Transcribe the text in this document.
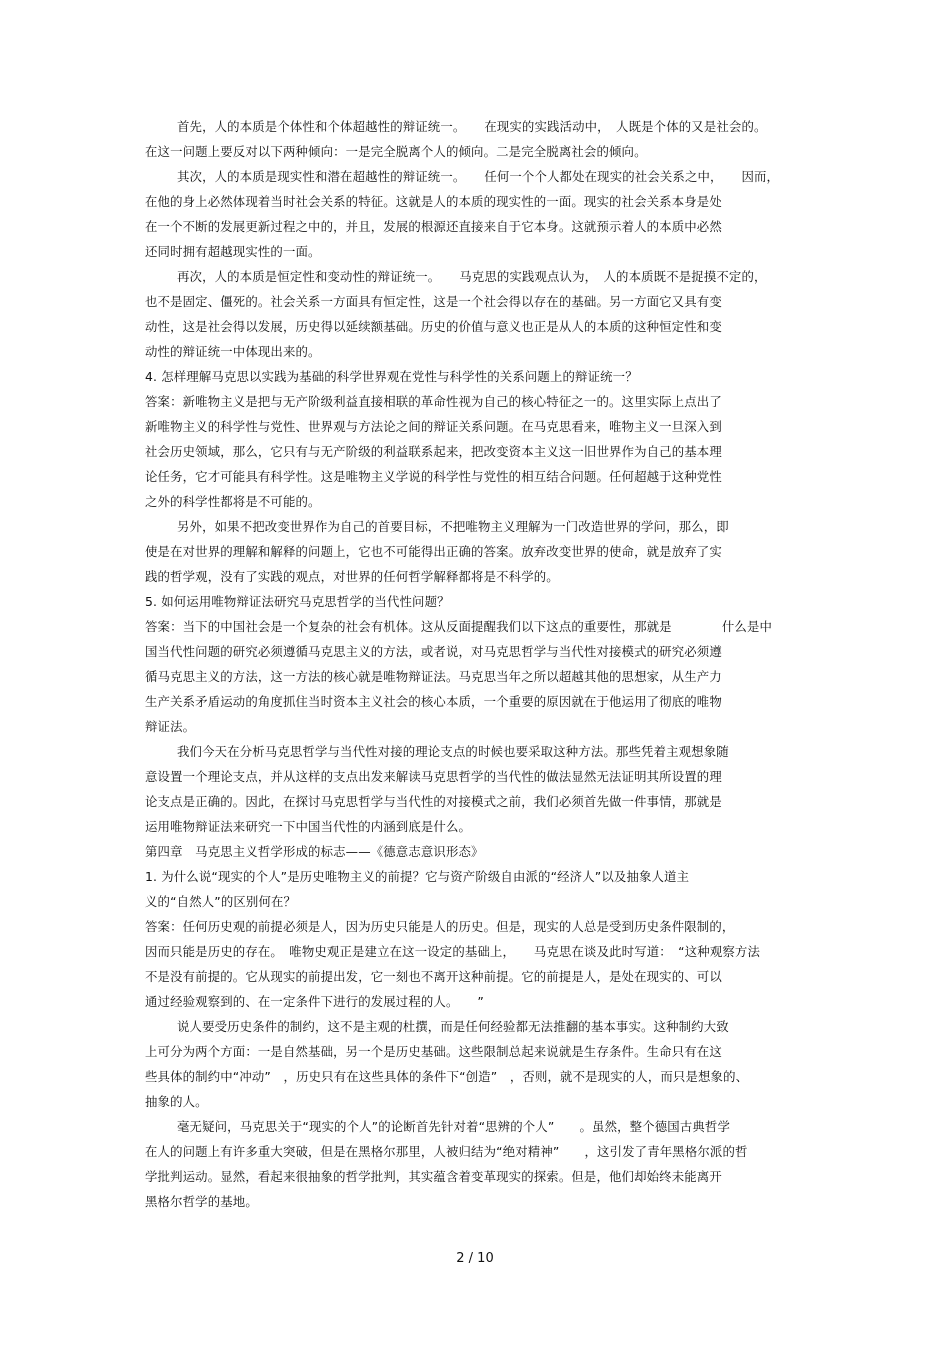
首先，人的本质是个体性和个体超越性的辩证统一。　　在现实的实践活动中，　人既是个体的又是社会的。
在这一问题上要反对以下两种倾向：一是完全脱离个人的倾向。二是完全脱离社会的倾向。
其次，人的本质是现实性和潜在超越性的辩证统一。　　任何一个个人都处在现实的社会关系之中，　　因而，
在他的身上必然体现着当时社会关系的特征。这就是人的本质的现实性的一面。现实的社会关系本身是处
在一个不断的发展更新过程之中的，并且，发展的根源还直接来自于它本身。这就预示着人的本质中必然
还同时拥有超越现实性的一面。
再次，人的本质是恒定性和变动性的辩证统一。　　马克思的实践观点认为，　人的本质既不是捉摸不定的，
也不是固定、僵死的。社会关系一方面具有恒定性，这是一个社会得以存在的基础。另一方面它又具有变
动性，这是社会得以发展，历史得以延续额基础。历史的价值与意义也正是从人的本质的这种恒定性和变
动性的辩证统一中体现出来的。
4. 怎样理解马克思以实践为基础的科学世界观在党性与科学性的关系问题上的辩证统一？
答案：新唯物主义是把与无产阶级利益直接相联的革命性视为自己的核心特征之一的。这里实际上点出了
新唯物主义的科学性与党性、世界观与方法论之间的辩证关系问题。在马克思看来，唯物主义一旦深入到
社会历史领域，那么，它只有与无产阶级的利益联系起来，把改变资本主义这一旧世界作为自己的基本理
论任务，它才可能具有科学性。这是唯物主义学说的科学性与党性的相互结合问题。任何超越于这种党性
之外的科学性都将是不可能的。
另外，如果不把改变世界作为自己的首要目标，不把唯物主义理解为一门改造世界的学问，那么，即
使是在对世界的理解和解释的问题上，它也不可能得出正确的答案。放弃改变世界的使命，就是放弃了实
践的哲学观，没有了实践的观点，对世界的任何哲学解释都将是不科学的。
5. 如何运用唯物辩证法研究马克思哲学的当代性问题？
答案：当下的中国社会是一个复杂的社会有机体。这从反面提醒我们以下这点的重要性，那就是　　　　什么是中
国当代性问题的研究必须遵循马克思主义的方法，或者说，对马克思哲学与当代性对接模式的研究必须遵
循马克思主义的方法，这一方法的核心就是唯物辩证法。马克思当年之所以超越其他的思想家，从生产力
生产关系矛盾运动的角度抓住当时资本主义社会的核心本质，一个重要的原因就在于他运用了彻底的唯物
辩证法。
我们今天在分析马克思哲学与当代性对接的理论支点的时候也要采取这种方法。那些凭着主观想象随
意设置一个理论支点，并从这样的支点出发来解读马克思哲学的当代性的做法显然无法证明其所设置的理
论支点是正确的。因此，在探讨马克思哲学与当代性的对接模式之前，我们必须首先做一件事情，那就是
运用唯物辩证法来研究一下中国当代性的内涵到底是什么。
第四章　马克思主义哲学形成的标志——《德意志意识形态》
1. 为什么说“现实的个人”是历史唯物主义的前提？它与资产阶级自由派的“经济人”以及抽象人道主
义的“自然人”的区别何在？
答案：任何历史观的前提必须是人，因为历史只能是人的历史。但是，现实的人总是受到历史条件限制的，
因而只能是历史的存在。　唯物史观正是建立在这一设定的基础上，　　马克思在谈及此时写道：　“这种观察方法
不是没有前提的。它从现实的前提出发，它一刻也不离开这种前提。它的前提是人，是处在现实的、可以
通过经验观察到的、在一定条件下进行的发展过程的人。　　”
说人要受历史条件的制约，这不是主观的杜撰，而是任何经验都无法推翻的基本事实。这种制约大致
上可分为两个方面：一是自然基础，另一个是历史基础。这些限制总起来说就是生存条件。生命只有在这
些具体的制约中“冲动”　，历史只有在这些具体的条件下“创造”　，否则，就不是现实的人，而只是想象的、
抽象的人。
毫无疑问，马克思关于“现实的个人”的论断首先针对着“思辨的个人”　　。虽然，整个德国古典哲学
在人的问题上有许多重大突破，但是在黑格尔那里，人被归结为“绝对精神”　　，这引发了青年黑格尔派的哲
学批判运动。显然，看起来很抽象的哲学批判，其实蕴含着变革现实的探索。但是，他们却始终未能离开
黑格尔哲学的基地。
2 / 10
